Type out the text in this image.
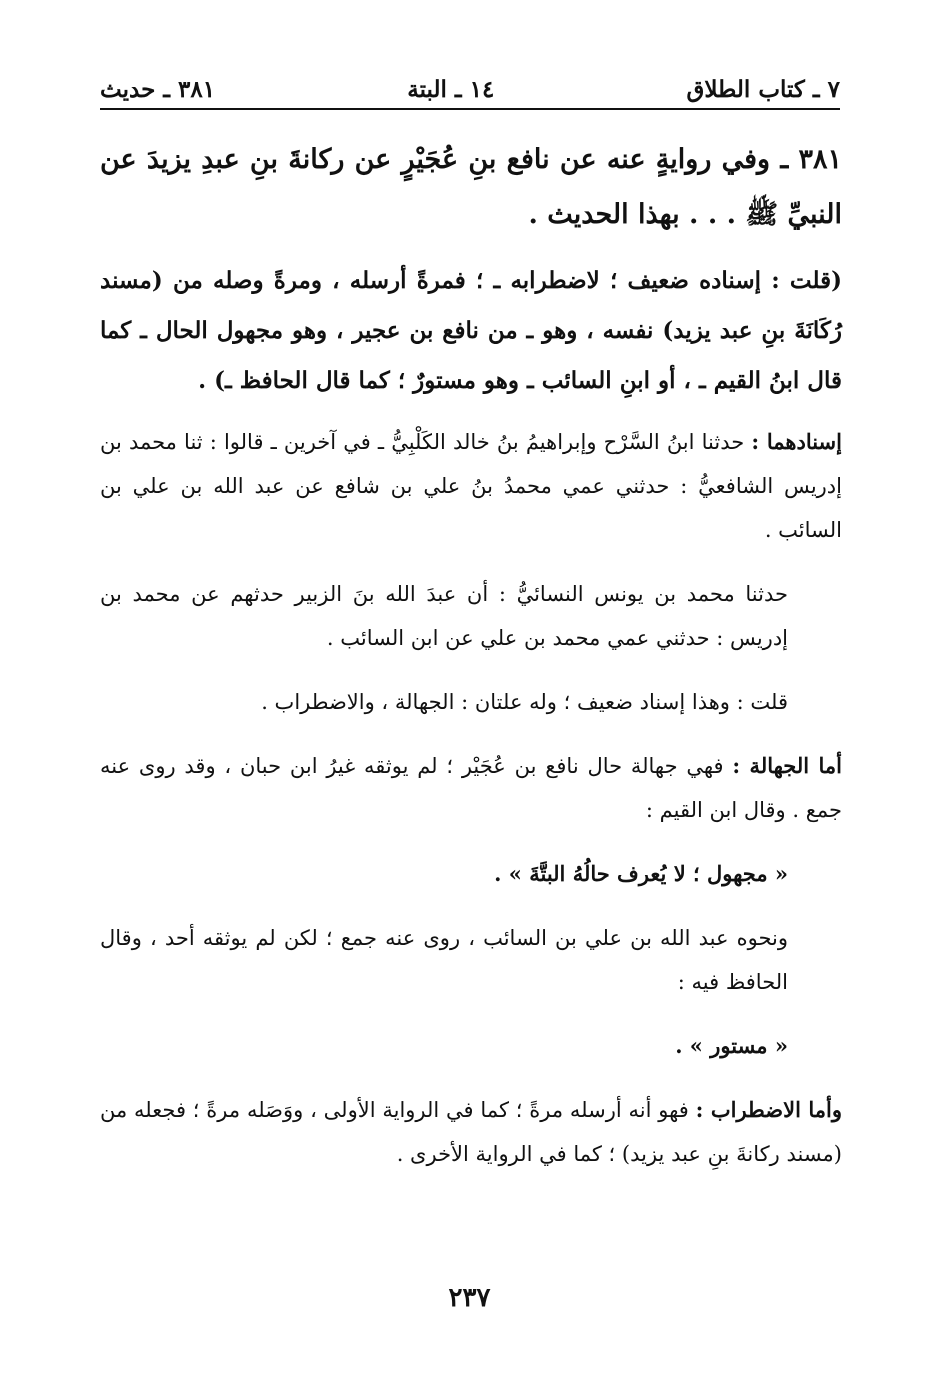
٧ ـ كتاب الطلاق
١٤ ـ البتة
٣٨١ ـ حديث

٣٨١ ـ وفي روايةٍ عنه عن نافع بنِ عُجَيْرٍ عن ركانةَ بنِ عبدِ يزيدَ عن النبيِّ ﷺ . . . بهذا الحديث .

(قلت : إسناده ضعيف ؛ لاضطرابه ـ ؛ فمرةً أرسله ، ومرةً وصله من (مسند رُكَانَةَ بنِ عبد يزيد) نفسه ، وهو ـ من نافع بن عجير ، وهو مجهول الحال ـ كما قال ابنُ القيم ـ ، أو ابنِ السائب ـ وهو مستورٌ ؛ كما قال الحافظ ـ) .

إسنادهما : حدثنا ابنُ السَّرْح وإبراهيمُ بنُ خالد الكَلْبِيُّ ـ في آخرين ـ قالوا : ثنا محمد بن إدريس الشافعيُّ : حدثني عمي محمدُ بنُ علي بن شافع عن عبد الله بن علي بن السائب .

حدثنا محمد بن يونس النسائيُّ : أن عبدَ الله بنَ الزبير حدثهم عن محمد بن إدريس : حدثني عمي محمد بن علي عن ابن السائب .

قلت : وهذا إسناد ضعيف ؛ وله علتان : الجهالة ، والاضطراب .

أما الجهالة : فهي جهالة حال نافع بن عُجَيْر ؛ لم يوثقه غيرُ ابن حبان ، وقد روى عنه جمع . وقال ابن القيم :

« مجهول ؛ لا يُعرف حالُهُ البتَّةَ » .

ونحوه عبد الله بن علي بن السائب ، روى عنه جمع ؛ لكن لم يوثقه أحد ، وقال الحافظ فيه :

« مستور » .

وأما الاضطراب : فهو أنه أرسله مرةً ؛ كما في الرواية الأولى ، ووَصَله مرةً ؛ فجعله من (مسند ركانةَ بنِ عبد يزيد) ؛ كما في الرواية الأخرى .

٢٣٧
